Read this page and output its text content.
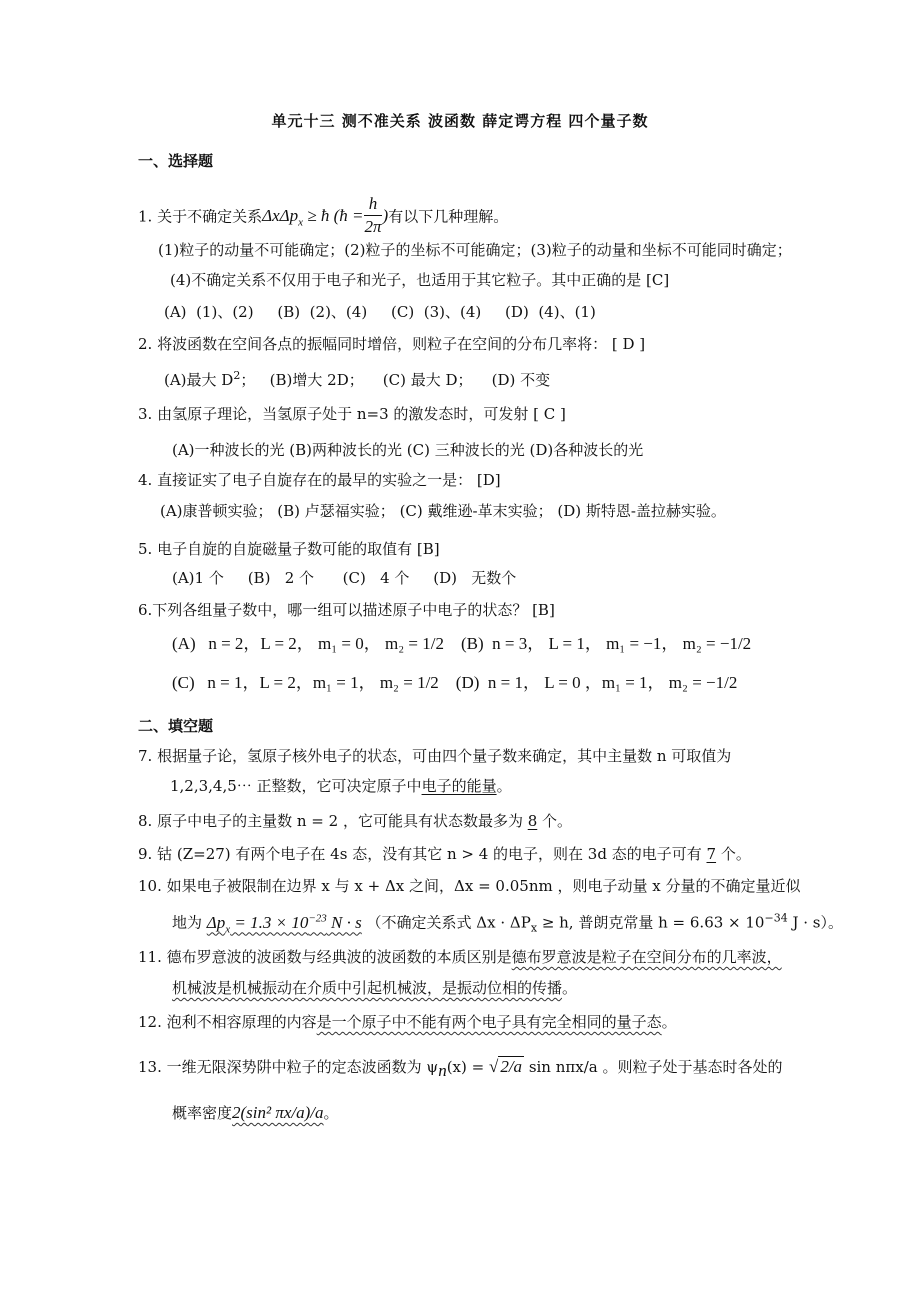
单元十三 测不准关系 波函数 薛定谔方程 四个量子数
一、选择题
1. 关于不确定关系ΔxΔp$_x$ ≥ ħ (ħ = $\frac{h}{2\pi}$ )有以下几种理解。
(1)粒子的动量不可能确定；(2)粒子的坐标不可能确定；(3)粒子的动量和坐标不可能同时确定；
(4)不确定关系不仅用于电子和光子，也适用于其它粒子。其中正确的是 [C]
(A)  (1)、(2)     (B)  (2)、(4)     (C)  (3)、(4)     (D)  (4)、(1)
2. 将波函数在空间各点的振幅同时增倍，则粒子在空间的分布几率将： [ D ]
(A)最大 $D^2$； (B)增大 2D；    (C) 最大 D；    (D) 不变
3. 由氢原子理论，当氢原子处于 n=3 的激发态时，可发射 [ C ]
(A)一种波长的光 (B)两种波长的光 (C) 三种波长的光 (D)各种波长的光
4. 直接证实了电子自旋存在的最早的实验之一是： [D]
(A)康普顿实验； (B) 卢瑟福实验； (C) 戴维逊-革末实验； (D) 斯特恩-盖拉赫实验。
5. 电子自旋的自旋磁量子数可能的取值有 [B]
(A)1 个     (B)   2 个      (C)   4 个     (D)   无数个
6.下列各组量子数中，哪一组可以描述原子中电子的状态？ [B]
(A)   n = 2，L = 2， m₁ = 0， m₂ = 1/2    (B)  n = 3， L = 1， m₁ = −1， m₂ = −1/2
(C)   n = 1，L = 2，m₁ = 1， m₂ = 1/2    (D)  n = 1， L = 0 ，m₁ = 1， m₂ = −1/2
二、填空题
7. 根据量子论，氢原子核外电子的状态，可由四个量子数来确定，其中主量数 n 可取值为
1,2,3,4,5⋯ 正整数，它可决定原子中电子的能量。
8. 原子中电子的主量数 n = 2 ，它可能具有状态数最多为 8 个。
9. 钴 (Z=27) 有两个电子在 4s 态，没有其它 n > 4 的电子，则在 3d 态的电子可有 7 个。
10. 如果电子被限制在边界 x 与 x + Δx 之间，Δx = 0.05nm ，则电子动量 x 分量的不确定量近似
地为 $\Delta p_x = 1.3 \times 10^{-23}$ N · s （不确定关系式 $\Delta x \cdot \Delta P_x \ge h$, 普朗克常量 $h = 6.63 \times 10^{-34}$ J · s）。
11. 德布罗意波的波函数与经典波的波函数的本质区别是德布罗意波是粒子在空间分布的几率波，
机械波是机械振动在介质中引起机械波，是振动位相的传播。
12. 泡利不相容原理的内容是一个原子中不能有两个电子具有完全相同的量子态。
13. 一维无限深势阱中粒子的定态波函数为 $\psi_n(x)$ = √ 2/a sin nπx/a 。则粒子处于基态时各处的
概率密度2(sin² πx/a)/a。
